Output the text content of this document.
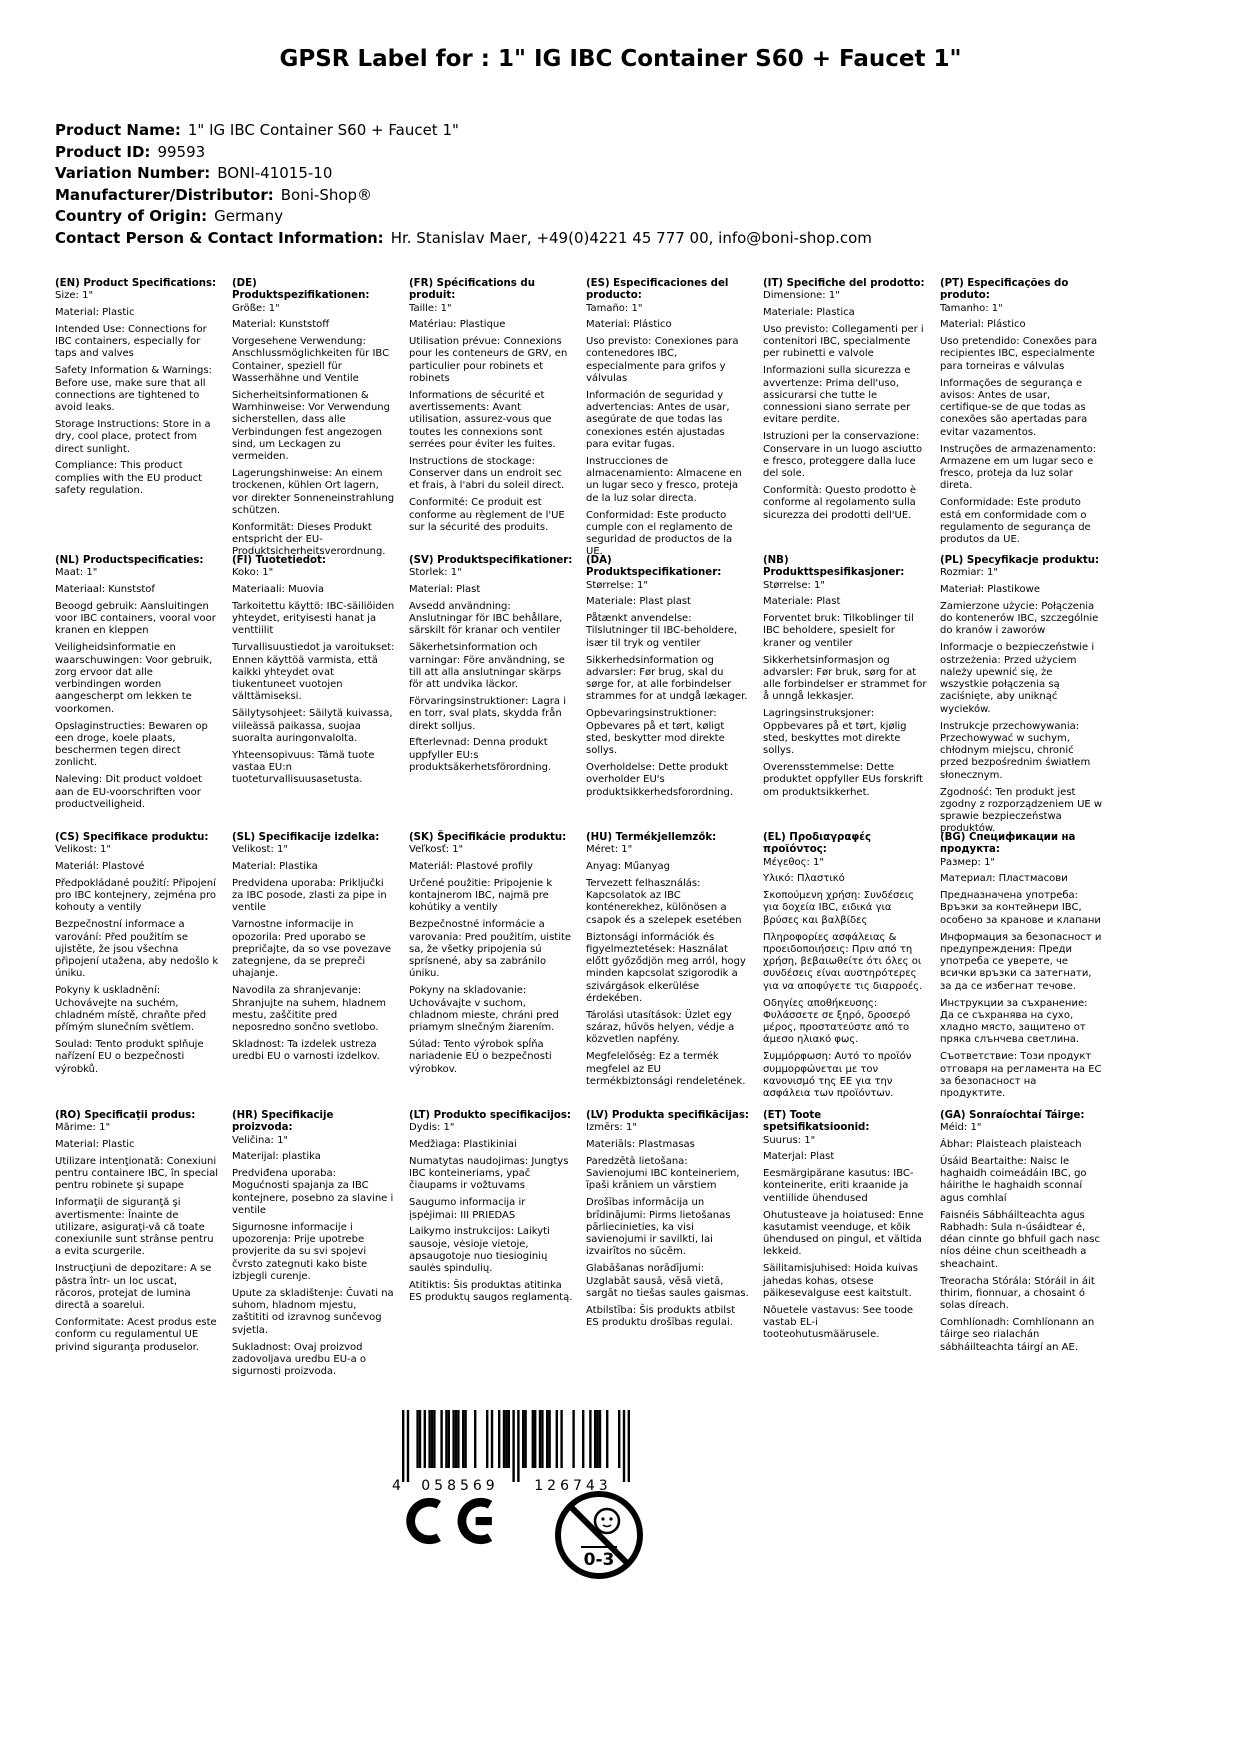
GPSR Label for : 1" IG IBC Container S60 + Faucet 1"
Product Name: 1" IG IBC Container S60 + Faucet 1"
Product ID: 99593
Variation Number: BONI-41015-10
Manufacturer/Distributor: Boni-Shop®
Country of Origin: Germany
Contact Person & Contact Information: Hr. Stanislav Maer, +49(0)4221 45 777 00, info@boni-shop.com
(EN) Product Specifications:

Size: 1"

Material: Plastic

Intended Use: Connections for IBC containers, especially for taps and valves

Safety Information & Warnings: Before use, make sure that all connections are tightened to avoid leaks.

Storage Instructions: Store in a dry, cool place, protect from direct sunlight.

Compliance: This product complies with the EU product safety regulation.

(DE) Produktspezifikationen:

Größe: 1"

Material: Kunststoff

Vorgesehene Verwendung: Anschlussmöglichkeiten für IBC Container, speziell für Wasserhähne und Ventile

Sicherheitsinformationen & Warnhinweise: Vor Verwendung sicherstellen, dass alle Verbindungen fest angezogen sind, um Leckagen zu vermeiden.

Lagerungshinweise: An einem trockenen, kühlen Ort lagern, vor direkter Sonneneinstrahlung schützen.

Konformität: Dieses Produkt entspricht der EU-Produktsicherheitsverordnung.

(FR) Spécifications du produit:

Taille: 1"

Matériau: Plastique

Utilisation prévue: Connexions pour les conteneurs de GRV, en particulier pour robinets et robinets

Informations de sécurité et avertissements: Avant utilisation, assurez-vous que toutes les connexions sont serrées pour éviter les fuites.

Instructions de stockage: Conserver dans un endroit sec et frais, à l'abri du soleil direct.

Conformité: Ce produit est conforme au règlement de l'UE sur la sécurité des produits.

(ES) Especificaciones del producto:

Tamaño: 1"

Material: Plástico

Uso previsto: Conexiones para contenedores IBC, especialmente para grifos y válvulas

Información de seguridad y advertencias: Antes de usar, asegúrate de que todas las conexiones estén ajustadas para evitar fugas.

Instrucciones de almacenamiento: Almacene en un lugar seco y fresco, proteja de la luz solar directa.

Conformidad: Este producto cumple con el reglamento de seguridad de productos de la UE.

(IT) Specifiche del prodotto:

Dimensione: 1"

Materiale: Plastica

Uso previsto: Collegamenti per i contenitori IBC, specialmente per rubinetti e valvole

Informazioni sulla sicurezza e avvertenze: Prima dell'uso, assicurarsi che tutte le connessioni siano serrate per evitare perdite.

Istruzioni per la conservazione: Conservare in un luogo asciutto e fresco, proteggere dalla luce del sole.

Conformità: Questo prodotto è conforme al regolamento sulla sicurezza dei prodotti dell'UE.

(PT) Especificações do produto:

Tamanho: 1"

Material: Plástico

Uso pretendido: Conexões para recipientes IBC, especialmente para torneiras e válvulas

Informações de segurança e avisos: Antes de usar, certifique-se de que todas as conexões são apertadas para evitar vazamentos.

Instruções de armazenamento: Armazene em um lugar seco e fresco, proteja da luz solar direta.

Conformidade: Este produto está em conformidade com o regulamento de segurança de produtos da UE.

(NL) Productspecificaties:

Maat: 1"

Materiaal: Kunststof

Beoogd gebruik: Aansluitingen voor IBC containers, vooral voor kranen en kleppen

Veiligheidsinformatie en waarschuwingen: Voor gebruik, zorg ervoor dat alle verbindingen worden aangescherpt om lekken te voorkomen.

Opslaginstructies: Bewaren op een droge, koele plaats, beschermen tegen direct zonlicht.

Naleving: Dit product voldoet aan de EU-voorschriften voor productveiligheid.

(FI) Tuotetiedot:

Koko: 1"

Materiaali: Muovia

Tarkoitettu käyttö: IBC-säiliöiden yhteydet, erityisesti hanat ja venttiilit

Turvallisuustiedot ja varoitukset: Ennen käyttöä varmista, että kaikki yhteydet ovat tiukentuneet vuotojen välttämiseksi.

Säilytysohjeet: Säilytä kuivassa, viileässä paikassa, suojaa suoralta auringonvalolta.

Yhteensopivuus: Tämä tuote vastaa EU:n tuoteturvallisuusasetusta.

(SV) Produktspecifikationer:

Storlek: 1"

Material: Plast

Avsedd användning: Anslutningar för IBC behållare, särskilt för kranar och ventiler

Säkerhetsinformation och varningar: Före användning, se till att alla anslutningar skärps för att undvika läckor.

Förvaringsinstruktioner: Lagra i en torr, sval plats, skydda från direkt solljus.

Efterlevnad: Denna produkt uppfyller EU:s produktsäkerhetsförordning.

(DA) Produktspecifikationer:

Størrelse: 1"

Materiale: Plast plast

Påtænkt anvendelse: Tilslutninger til IBC-beholdere, især til tryk og ventiler

Sikkerhedsinformation og advarsler: Før brug, skal du sørge for, at alle forbindelser strammes for at undgå lækager.

Opbevaringsinstruktioner: Opbevares på et tørt, køligt sted, beskytter mod direkte sollys.

Overholdelse: Dette produkt overholder EU's produktsikkerhedsforordning.

(NB) Produkttspesifikasjoner:

Størrelse: 1"

Materiale: Plast

Forventet bruk: Tilkoblinger til IBC beholdere, spesielt for kraner og ventiler

Sikkerhetsinformasjon og advarsler: Før bruk, sørg for at alle forbindelser er strammet for å unngå lekkasjer.

Lagringsinstruksjoner: Oppbevares på et tørt, kjølig sted, beskyttes mot direkte sollys.

Overensstemmelse: Dette produktet oppfyller EUs forskrift om produktsikkerhet.

(PL) Specyfikacje produktu:

Rozmiar: 1"

Materiał: Plastikowe

Zamierzone użycie: Połączenia do kontenerów IBC, szczególnie do kranów i zaworów

Informacje o bezpieczeństwie i ostrzeżenia: Przed użyciem należy upewnić się, że wszystkie połączenia są zaciśnięte, aby uniknąć wycieków.

Instrukcje przechowywania: Przechowywać w suchym, chłodnym miejscu, chronić przed bezpośrednim światłem słonecznym.

Zgodność: Ten produkt jest zgodny z rozporządzeniem UE w sprawie bezpieczeństwa produktów.

(CS) Specifikace produktu:

Velikost: 1"

Materiál: Plastové

Předpokládané použití: Připojení pro IBC kontejnery, zejména pro kohouty a ventily

Bezpečnostní informace a varování: Před použitím se ujistěte, že jsou všechna připojení utažena, aby nedošlo k úniku.

Pokyny k uskladnění: Uchovávejte na suchém, chladném místě, chraňte před přímým slunečním světlem.

Soulad: Tento produkt splňuje nařízení EU o bezpečnosti výrobků.

(SL) Specifikacije izdelka:

Velikost: 1"

Material: Plastika

Predvidena uporaba: Priključki za IBC posode, zlasti za pipe in ventile

Varnostne informacije in opozorila: Pred uporabo se prepričajte, da so vse povezave zategnjene, da se prepreči uhajanje.

Navodila za shranjevanje: Shranjujte na suhem, hladnem mestu, zaščitite pred neposredno sončno svetlobo.

Skladnost: Ta izdelek ustreza uredbi EU o varnosti izdelkov.

(SK) Špecifikácie produktu:

Veľkosť: 1"

Materiál: Plastové profily

Určené použitie: Pripojenie k kontajnerom IBC, najmä pre kohútiky a ventily

Bezpečnostné informácie a varovania: Pred použitím, uistite sa, že všetky pripojenia sú sprísnené, aby sa zabránilo úniku.

Pokyny na skladovanie: Uchovávajte v suchom, chladnom mieste, chráni pred priamym slnečným žiarením.

Súlad: Tento výrobok spĺňa nariadenie EÚ o bezpečnosti výrobkov.

(HU) Termékjellemzők:

Méret: 1"

Anyag: Műanyag

Tervezett felhasználás: Kapcsolatok az IBC konténerekhez, különösen a csapok és a szelepek esetében

Biztonsági információk és figyelmeztetések: Használat előtt győződjön meg arról, hogy minden kapcsolat szigorodik a szivárgások elkerülése érdekében.

Tárolási utasítások: Üzlet egy száraz, hűvös helyen, védje a közvetlen napfény.

Megfelelőség: Ez a termék megfelel az EU termékbiztonsági rendeletének.

(EL) Προδιαγραφές προϊόντος:

Μέγεθος: 1"

Υλικό: Πλαστικό

Σκοπούμενη χρήση: Συνδέσεις για δοχεία IBC, ειδικά για βρύσες και βαλβίδες

Πληροφορίες ασφάλειας & προειδοποιήσεις: Πριν από τη χρήση, βεβαιωθείτε ότι όλες οι συνδέσεις είναι αυστηρότερες για να αποφύγετε τις διαρροές.

Οδηγίες αποθήκευσης: Φυλάσσετε σε ξηρό, δροσερό μέρος, προστατεύστε από το άμεσο ηλιακό φως.

Συμμόρφωση: Αυτό το προϊόν συμμορφώνεται με τον κανονισμό της ΕΕ για την ασφάλεια των προϊόντων.

(BG) Спецификации на продукта:

Размер: 1"

Материал: Пластмасови

Предназначена употреба: Връзки за контейнери IBC, особено за кранове и клапани

Информация за безопасност и предупреждения: Преди употреба се уверете, че всички връзки са затегнати, за да се избегнат течове.

Инструкции за съхранение: Да се съхранява на сухо, хладно място, защитено от пряка слънчева светлина.

Съответствие: Този продукт отговаря на регламента на ЕС за безопасност на продуктите.

(RO) Specificaţii produs:

Mărime: 1"

Material: Plastic

Utilizare intenţionată: Conexiuni pentru containere IBC, în special pentru robinete şi supape

Informaţii de siguranţă şi avertismente: Înainte de utilizare, asiguraţi-vă că toate conexiunile sunt strânse pentru a evita scurgerile.

Instrucţiuni de depozitare: A se păstra într- un loc uscat, răcoros, protejat de lumina directă a soarelui.

Conformitate: Acest produs este conform cu regulamentul UE privind siguranţa produselor.

(HR) Specifikacije proizvoda:

Veličina: 1"

Materijal: plastika

Predviđena uporaba: Mogućnosti spajanja za IBC kontejnere, posebno za slavine i ventile

Sigurnosne informacije i upozorenja: Prije upotrebe provjerite da su svi spojevi čvrsto zategnuti kako biste izbjegli curenje.

Upute za skladištenje: Čuvati na suhom, hladnom mjestu, zaštititi od izravnog sunčevog svjetla.

Sukladnost: Ovaj proizvod zadovoljava uredbu EU-a o sigurnosti proizvoda.

(LT) Produkto specifikacijos:

Dydis: 1"

Medžiaga: Plastikiniai

Numatytas naudojimas: Jungtys IBC konteineriams, ypač čiaupams ir vožtuvams

Saugumo informacija ir įspėjimai: III PRIEDAS

Laikymo instrukcijos: Laikyti sausoje, vėsioje vietoje, apsaugotoje nuo tiesioginių saulės spindulių.

Atitiktis: Šis produktas atitinka ES produktų saugos reglamentą.

(LV) Produkta specifikācijas:

Izmērs: 1"

Materiāls: Plastmasas

Paredzētā lietošana: Savienojumi IBC konteineriem, īpaši krāniem un vārstiem

Drošības informācija un brīdinājumi: Pirms lietošanas pārliecinieties, ka visi savienojumi ir savilkti, lai izvairītos no sūcēm.

Glabāšanas norādījumi: Uzglabāt sausā, vēsā vietā, sargāt no tiešas saules gaismas.

Atbilstība: Šis produkts atbilst ES produktu drošības regulai.

(ET) Toote spetsifikatsioonid:

Suurus: 1"

Materjal: Plast

Eesmärgipärane kasutus: IBC-konteinerite, eriti kraanide ja ventiilide ühendused

Ohutusteave ja hoiatused: Enne kasutamist veenduge, et kõik ühendused on pingul, et vältida lekkeid.

Säilitamisjuhised: Hoida kuivas jahedas kohas, otsese päikesevalguse eest kaitstult.

Nõuetele vastavus: See toode vastab EL-i tooteohutusmäärusele.

(GA) Sonraíochtaí Táirge:

Méid: 1"

Ábhar: Plaisteach plaisteach

Úsáid Beartaithe: Naisc le haghaidh coimeádáin IBC, go háirithe le haghaidh sconnaí agus comhlaí

Faisnéis Sábháilteachta agus Rabhadh: Sula n-úsáidtear é, déan cinnte go bhfuil gach nasc níos déine chun sceitheadh a sheachaint.

Treoracha Stórála: Stóráil in áit thirim, fionnuar, a chosaint ó solas díreach.

Comhlíonadh: Comhlíonann an táirge seo rialachán sábháilteachta táirgí an AE.

4 058569	126743
0-3
